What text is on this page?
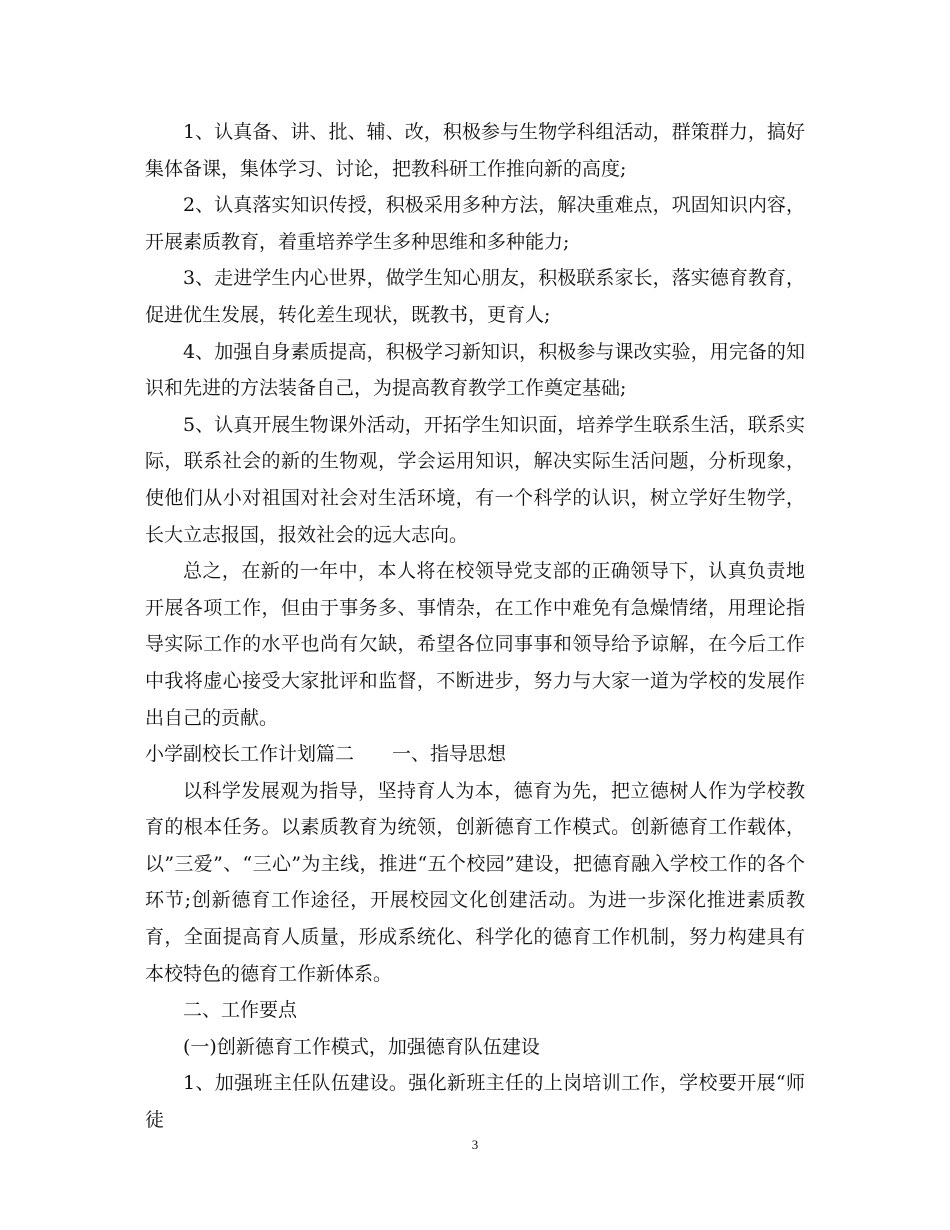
1、认真备、讲、批、辅、改，积极参与生物学科组活动，群策群力，搞好集体备课，集体学习、讨论，把教科研工作推向新的高度;

2、认真落实知识传授，积极采用多种方法，解决重难点，巩固知识内容，开展素质教育，着重培养学生多种思维和多种能力;

3、走进学生内心世界，做学生知心朋友，积极联系家长，落实德育教育，促进优生发展，转化差生现状，既教书，更育人;

4、加强自身素质提高，积极学习新知识，积极参与课改实验，用完备的知识和先进的方法装备自己，为提高教育教学工作奠定基础;

5、认真开展生物课外活动，开拓学生知识面，培养学生联系生活，联系实际，联系社会的新的生物观，学会运用知识，解决实际生活问题，分析现象，使他们从小对祖国对社会对生活环境，有一个科学的认识，树立学好生物学，长大立志报国，报效社会的远大志向。

总之，在新的一年中，本人将在校领导党支部的正确领导下，认真负责地开展各项工作，但由于事务多、事情杂，在工作中难免有急燥情绪，用理论指导实际工作的水平也尚有欠缺，希望各位同事事和领导给予谅解，在今后工作中我将虚心接受大家批评和监督，不断进步，努力与大家一道为学校的发展作出自己的贡献。

小学副校长工作计划篇二　　一、指导思想

以科学发展观为指导，坚持育人为本，德育为先，把立德树人作为学校教育的根本任务。以素质教育为统领，创新德育工作模式。创新德育工作载体，以”三爱”、“三心”为主线，推进“五个校园”建设，把德育融入学校工作的各个环节;创新德育工作途径，开展校园文化创建活动。为进一步深化推进素质教育，全面提高育人质量，形成系统化、科学化的德育工作机制，努力构建具有本校特色的德育工作新体系。

二、工作要点

(一)创新德育工作模式，加强德育队伍建设

1、加强班主任队伍建设。强化新班主任的上岗培训工作，学校要开展“师徒

3
